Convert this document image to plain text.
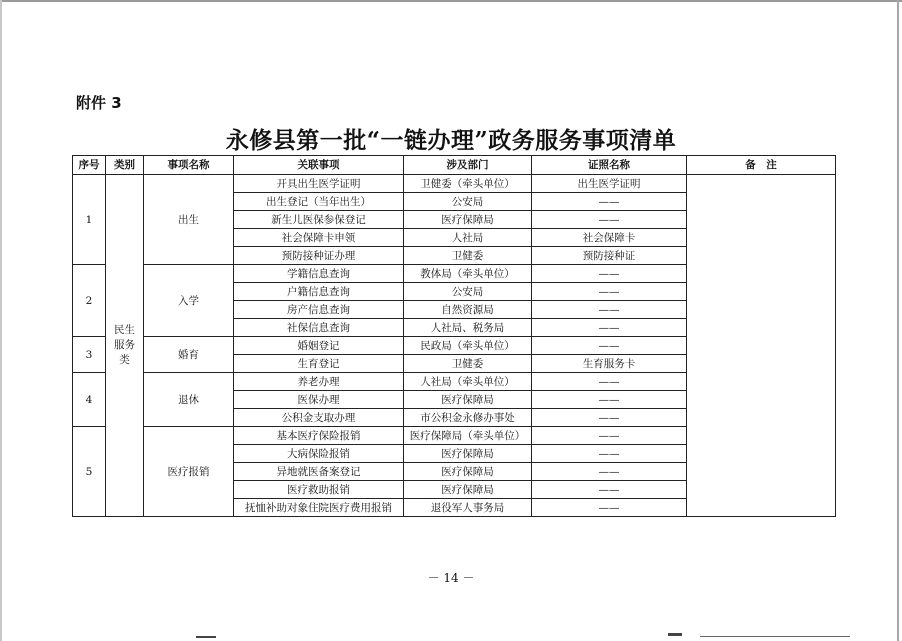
附件 3
永修县第一批“一链办理”政务服务事项清单
序号	类别	事项名称	关联事项	涉及部门	证照名称	备　注
1	民生服务类	出生	开具出生医学证明	卫健委（牵头单位）	出生医学证明	
			出生登记（当年出生）	公安局	——	
			新生儿医保参保登记	医疗保障局	——	
			社会保障卡申领	人社局	社会保障卡	
			预防接种证办理	卫健委	预防接种证	
2		入学	学籍信息查询	教体局（牵头单位）	——	
			户籍信息查询	公安局	——	
			房产信息查询	自然资源局	——	
			社保信息查询	人社局、税务局	——	
3		婚育	婚姻登记	民政局（牵头单位）	——	
			生育登记	卫健委	生育服务卡	
4		退休	养老办理	人社局（牵头单位）	——	
			医保办理	医疗保障局	——	
			公积金支取办理	市公积金永修办事处	——	
5		医疗报销	基本医疗保险报销	医疗保障局（牵头单位）	——	
			大病保险报销	医疗保障局	——	
			异地就医备案登记	医疗保障局	——	
			医疗救助报销	医疗保障局	——	
			抚恤补助对象住院医疗费用报销	退役军人事务局	——	
－ 14 －
